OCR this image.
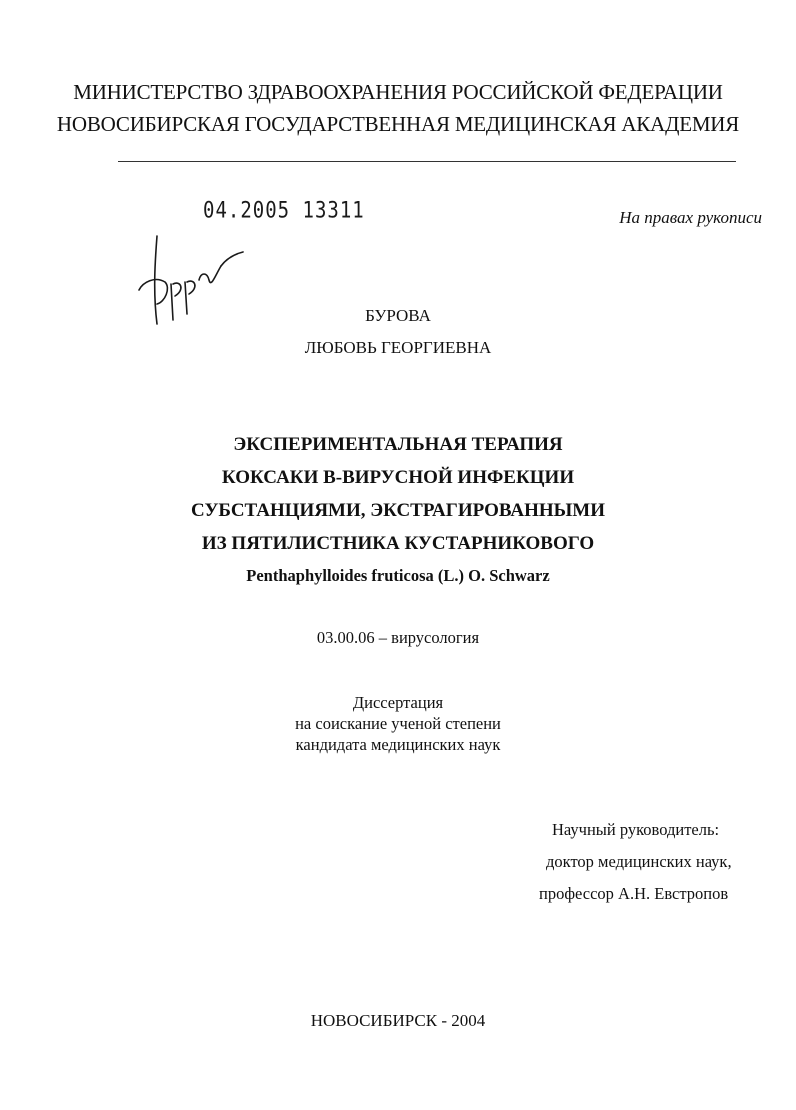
МИНИСТЕРСТВО ЗДРАВООХРАНЕНИЯ РОССИЙСКОЙ ФЕДЕРАЦИИ
НОВОСИБИРСКАЯ ГОСУДАРСТВЕННАЯ МЕДИЦИНСКАЯ АКАДЕМИЯ
04.2005 13311	На правах рукописи
БУРОВА
ЛЮБОВЬ ГЕОРГИЕВНА
ЭКСПЕРИМЕНТАЛЬНАЯ ТЕРАПИЯ
КОКСАКИ В-ВИРУСНОЙ ИНФЕКЦИИ
СУБСТАНЦИЯМИ, ЭКСТРАГИРОВАННЫМИ
ИЗ ПЯТИЛИСТНИКА КУСТАРНИКОВОГО
Penthaphylloides fruticosa (L.) O. Schwarz
03.00.06 – вирусология
Диссертация
на соискание ученой степени
кандидата медицинских наук
Научный руководитель:
доктор медицинских наук,
профессор А.Н. Евстропов
НОВОСИБИРСК - 2004
